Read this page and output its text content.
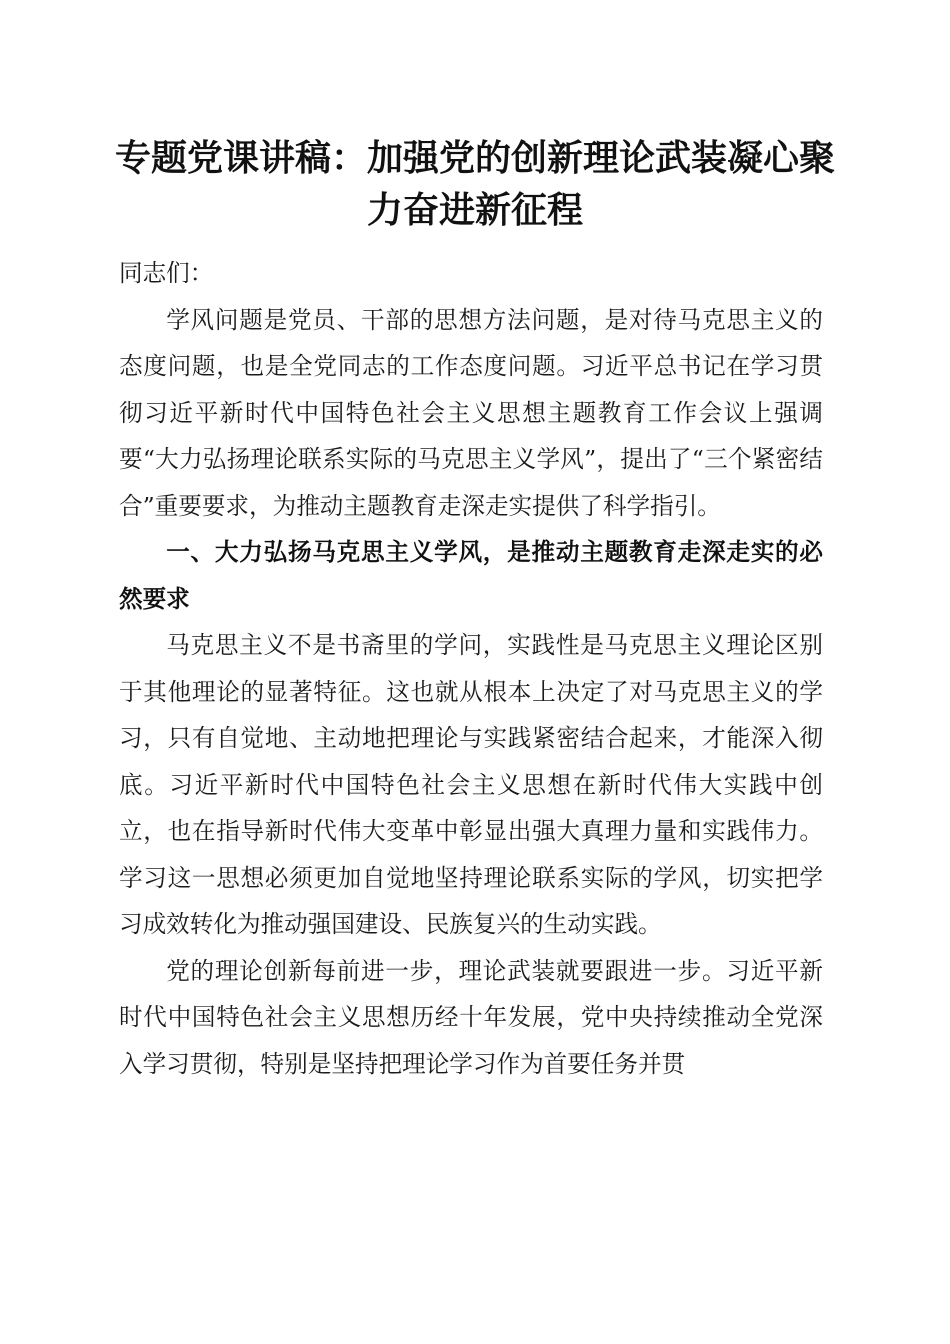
专题党课讲稿：加强党的创新理论武装凝心聚力奋进新征程

同志们：

学风问题是党员、干部的思想方法问题，是对待马克思主义的态度问题，也是全党同志的工作态度问题。习近平总书记在学习贯彻习近平新时代中国特色社会主义思想主题教育工作会议上强调要“大力弘扬理论联系实际的马克思主义学风”，提出了“三个紧密结合”重要要求，为推动主题教育走深走实提供了科学指引。

一、大力弘扬马克思主义学风，是推动主题教育走深走实的必然要求

马克思主义不是书斋里的学问，实践性是马克思主义理论区别于其他理论的显著特征。这也就从根本上决定了对马克思主义的学习，只有自觉地、主动地把理论与实践紧密结合起来，才能深入彻底。习近平新时代中国特色社会主义思想在新时代伟大实践中创立，也在指导新时代伟大变革中彰显出强大真理力量和实践伟力。学习这一思想必须更加自觉地坚持理论联系实际的学风，切实把学习成效转化为推动强国建设、民族复兴的生动实践。

党的理论创新每前进一步，理论武装就要跟进一步。习近平新时代中国特色社会主义思想历经十年发展，党中央持续推动全党深入学习贯彻，特别是坚持把理论学习作为首要任务并贯
